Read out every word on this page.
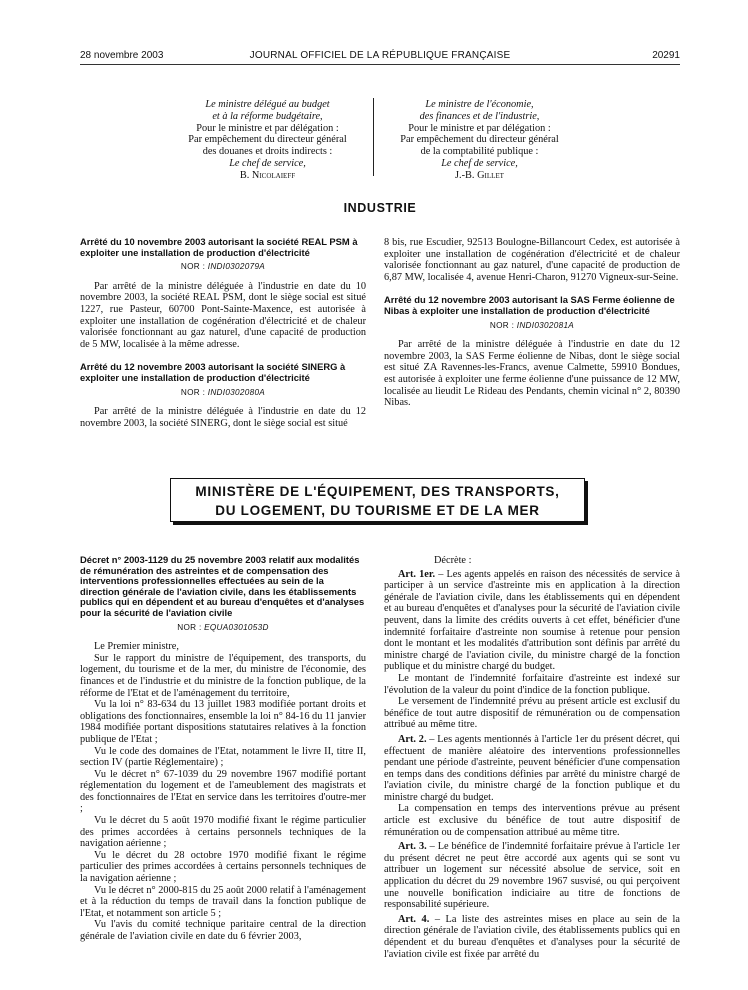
28 novembre 2003	JOURNAL OFFICIEL DE LA RÉPUBLIQUE FRANÇAISE	20291
Le ministre délégué au budget
et à la réforme budgétaire,
Pour le ministre et par délégation :
Par empêchement du directeur général
des douanes et droits indirects :
Le chef de service,
B. Nicolaieff
Le ministre de l'économie,
des finances et de l'industrie,
Pour le ministre et par délégation :
Par empêchement du directeur général
de la comptabilité publique :
Le chef de service,
J.-B. Gillet
INDUSTRIE
Arrêté du 10 novembre 2003 autorisant la société REAL PSM à exploiter une installation de production d'électricité
NOR : INDI0302079A

Par arrêté de la ministre déléguée à l'industrie en date du 10 novembre 2003, la société REAL PSM, dont le siège social est situé 1227, rue Pasteur, 60700 Pont-Sainte-Maxence, est autorisée à exploiter une installation de cogénération d'électricité et de chaleur valorisée fonctionnant au gaz naturel, d'une capacité de production de 5 MW, localisée à la même adresse.

Arrêté du 12 novembre 2003 autorisant la société SINERG à exploiter une installation de production d'électricité
NOR : INDI0302080A

Par arrêté de la ministre déléguée à l'industrie en date du 12 novembre 2003, la société SINERG, dont le siège social est situé

8 bis, rue Escudier, 92513 Boulogne-Billancourt Cedex, est autorisée à exploiter une installation de cogénération d'électricité et de chaleur valorisée fonctionnant au gaz naturel, d'une capacité de production de 6,87 MW, localisée 4, avenue Henri-Charon, 91270 Vigneux-sur-Seine.

Arrêté du 12 novembre 2003 autorisant la SAS Ferme éolienne de Nibas à exploiter une installation de production d'électricité
NOR : INDI0302081A

Par arrêté de la ministre déléguée à l'industrie en date du 12 novembre 2003, la SAS Ferme éolienne de Nibas, dont le siège social est situé ZA Ravennes-les-Francs, avenue Calmette, 59910 Bondues, est autorisée à exploiter une ferme éolienne d'une puissance de 12 MW, localisée au lieudit Le Rideau des Pendants, chemin vicinal n° 2, 80390 Nibas.

MINISTÈRE DE L'ÉQUIPEMENT, DES TRANSPORTS,
DU LOGEMENT, DU TOURISME ET DE LA MER
Décret n° 2003-1129 du 25 novembre 2003 relatif aux modalités de rémunération des astreintes et de compensation des interventions professionnelles effectuées au sein de la direction générale de l'aviation civile, dans les établissements publics qui en dépendent et au bureau d'enquêtes et d'analyses pour la sécurité de l'aviation civile
NOR : EQUA0301053D

Le Premier ministre,

Sur le rapport du ministre de l'équipement, des transports, du logement, du tourisme et de la mer, du ministre de l'économie, des finances et de l'industrie et du ministre de la fonction publique, de la réforme de l'Etat et de l'aménagement du territoire,

Vu la loi n° 83-634 du 13 juillet 1983 modifiée portant droits et obligations des fonctionnaires, ensemble la loi n° 84-16 du 11 janvier 1984 modifiée portant dispositions statutaires relatives à la fonction publique de l'Etat ;

Vu le code des domaines de l'Etat, notamment le livre II, titre II, section IV (partie Réglementaire) ;

Vu le décret n° 67-1039 du 29 novembre 1967 modifié portant réglementation du logement et de l'ameublement des magistrats et des fonctionnaires de l'Etat en service dans les territoires d'outre-mer ;

Vu le décret du 5 août 1970 modifié fixant le régime particulier des primes accordées à certains personnels techniques de la navigation aérienne ;

Vu le décret du 28 octobre 1970 modifié fixant le régime particulier des primes accordées à certains personnels techniques de la navigation aérienne ;

Vu le décret n° 2000-815 du 25 août 2000 relatif à l'aménagement et à la réduction du temps de travail dans la fonction publique de l'Etat, et notamment son article 5 ;

Vu l'avis du comité technique paritaire central de la direction générale de l'aviation civile en date du 6 février 2003,

Décrète :

Art. 1er. – Les agents appelés en raison des nécessités de service à participer à un service d'astreinte mis en application à la direction générale de l'aviation civile, dans les établissements qui en dépendent et au bureau d'enquêtes et d'analyses pour la sécurité de l'aviation civile peuvent, dans la limite des crédits ouverts à cet effet, bénéficier d'une indemnité forfaitaire d'astreinte non soumise à retenue pour pension dont le montant et les modalités d'attribution sont définis par arrêté du ministre chargé de l'aviation civile, du ministre chargé de la fonction publique et du ministre chargé du budget.

Le montant de l'indemnité forfaitaire d'astreinte est indexé sur l'évolution de la valeur du point d'indice de la fonction publique.

Le versement de l'indemnité prévu au présent article est exclusif du bénéfice de tout autre dispositif de rémunération ou de compensation attribué au même titre.

Art. 2. – Les agents mentionnés à l'article 1er du présent décret, qui effectuent de manière aléatoire des interventions professionnelles pendant une période d'astreinte, peuvent bénéficier d'une compensation en temps dans des conditions définies par arrêté du ministre chargé de l'aviation civile, du ministre chargé de la fonction publique et du ministre chargé du budget.

La compensation en temps des interventions prévue au présent article est exclusive du bénéfice de tout autre dispositif de rémunération ou de compensation attribué au même titre.

Art. 3. – Le bénéfice de l'indemnité forfaitaire prévue à l'article 1er du présent décret ne peut être accordé aux agents qui se sont vu attribuer un logement sur nécessité absolue de service, soit en application du décret du 29 novembre 1967 susvisé, ou qui perçoivent une nouvelle bonification indiciaire au titre de fonctions de responsabilité supérieure.

Art. 4. – La liste des astreintes mises en place au sein de la direction générale de l'aviation civile, des établissements publics qui en dépendent et du bureau d'enquêtes et d'analyses pour la sécurité de l'aviation civile est fixée par arrêté du
